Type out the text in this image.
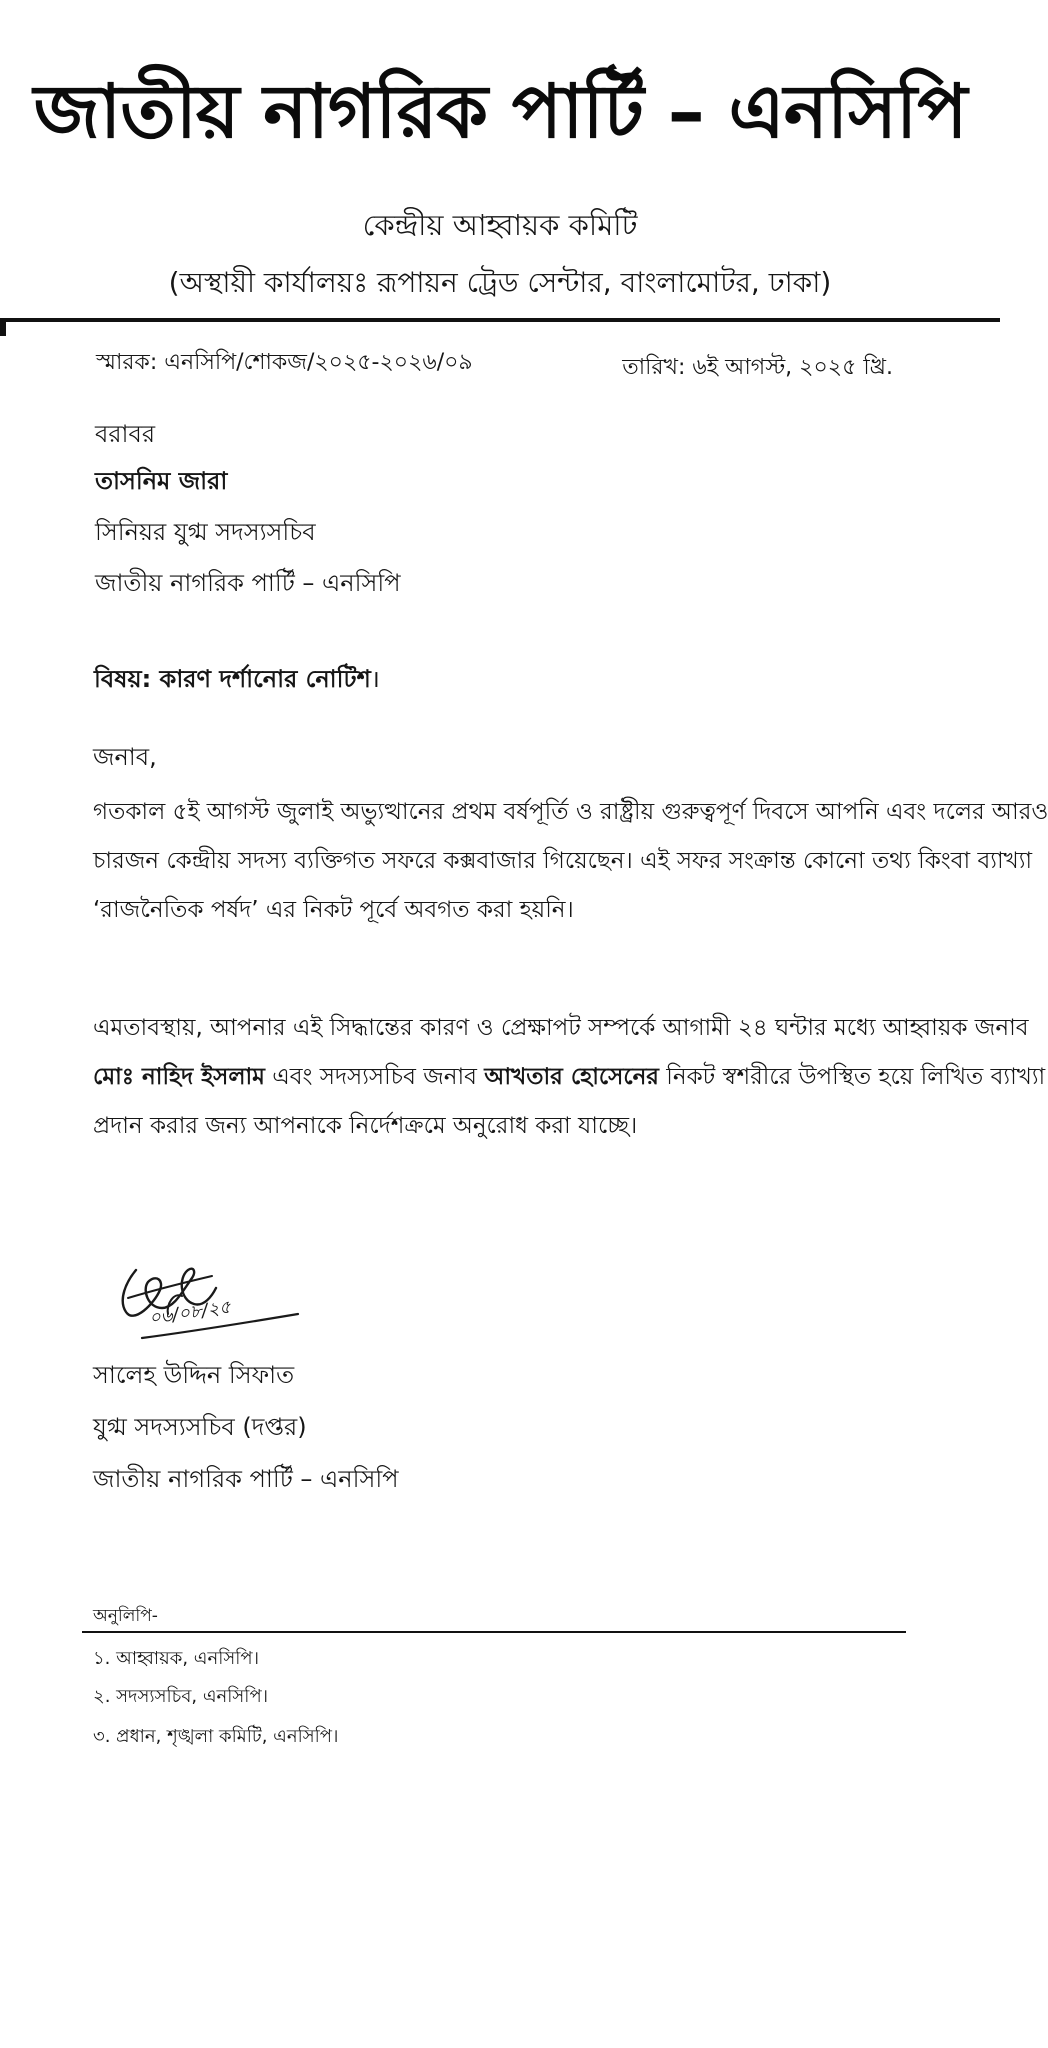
জাতীয় নাগরিক পার্টি – এনসিপি
কেন্দ্রীয় আহ্বায়ক কমিটি
(অস্থায়ী কার্যালয়ঃ রূপায়ন ট্রেড সেন্টার, বাংলামোটর, ঢাকা)
স্মারক: এনসিপি/শোকজ/২০২৫-২০২৬/০৯	তারিখ: ৬ই আগস্ট, ২০২৫ খ্রি.
বরাবর
তাসনিম জারা
সিনিয়র যুগ্ম সদস্যসচিব
জাতীয় নাগরিক পার্টি – এনসিপি
বিষয়: কারণ দর্শানোর নোটিশ।
জনাব,
গতকাল ৫ই আগস্ট জুলাই অভ্যুত্থানের প্রথম বর্ষপূর্তি ও রাষ্ট্রীয় গুরুত্বপূর্ণ দিবসে আপনি এবং দলের আরও
চারজন কেন্দ্রীয় সদস্য ব্যক্তিগত সফরে কক্সবাজার গিয়েছেন। এই সফর সংক্রান্ত কোনো তথ্য কিংবা ব্যাখ্যা
‘রাজনৈতিক পর্ষদ’ এর নিকট পূর্বে অবগত করা হয়নি।
এমতাবস্থায়, আপনার এই সিদ্ধান্তের কারণ ও প্রেক্ষাপট সম্পর্কে আগামী ২৪ ঘন্টার মধ্যে আহ্বায়ক জনাব
মোঃ নাহিদ ইসলাম এবং সদস্যসচিব জনাব আখতার হোসেনের নিকট স্বশরীরে উপস্থিত হয়ে লিখিত ব্যাখ্যা
প্রদান করার জন্য আপনাকে নির্দেশক্রমে অনুরোধ করা যাচ্ছে।
০৬/০৮/২৫
সালেহ উদ্দিন সিফাত
যুগ্ম সদস্যসচিব (দপ্তর)
জাতীয় নাগরিক পার্টি – এনসিপি
অনুলিপি-
১. আহ্বায়ক, এনসিপি।
২. সদস্যসচিব, এনসিপি।
৩. প্রধান, শৃঙ্খলা কমিটি, এনসিপি।
